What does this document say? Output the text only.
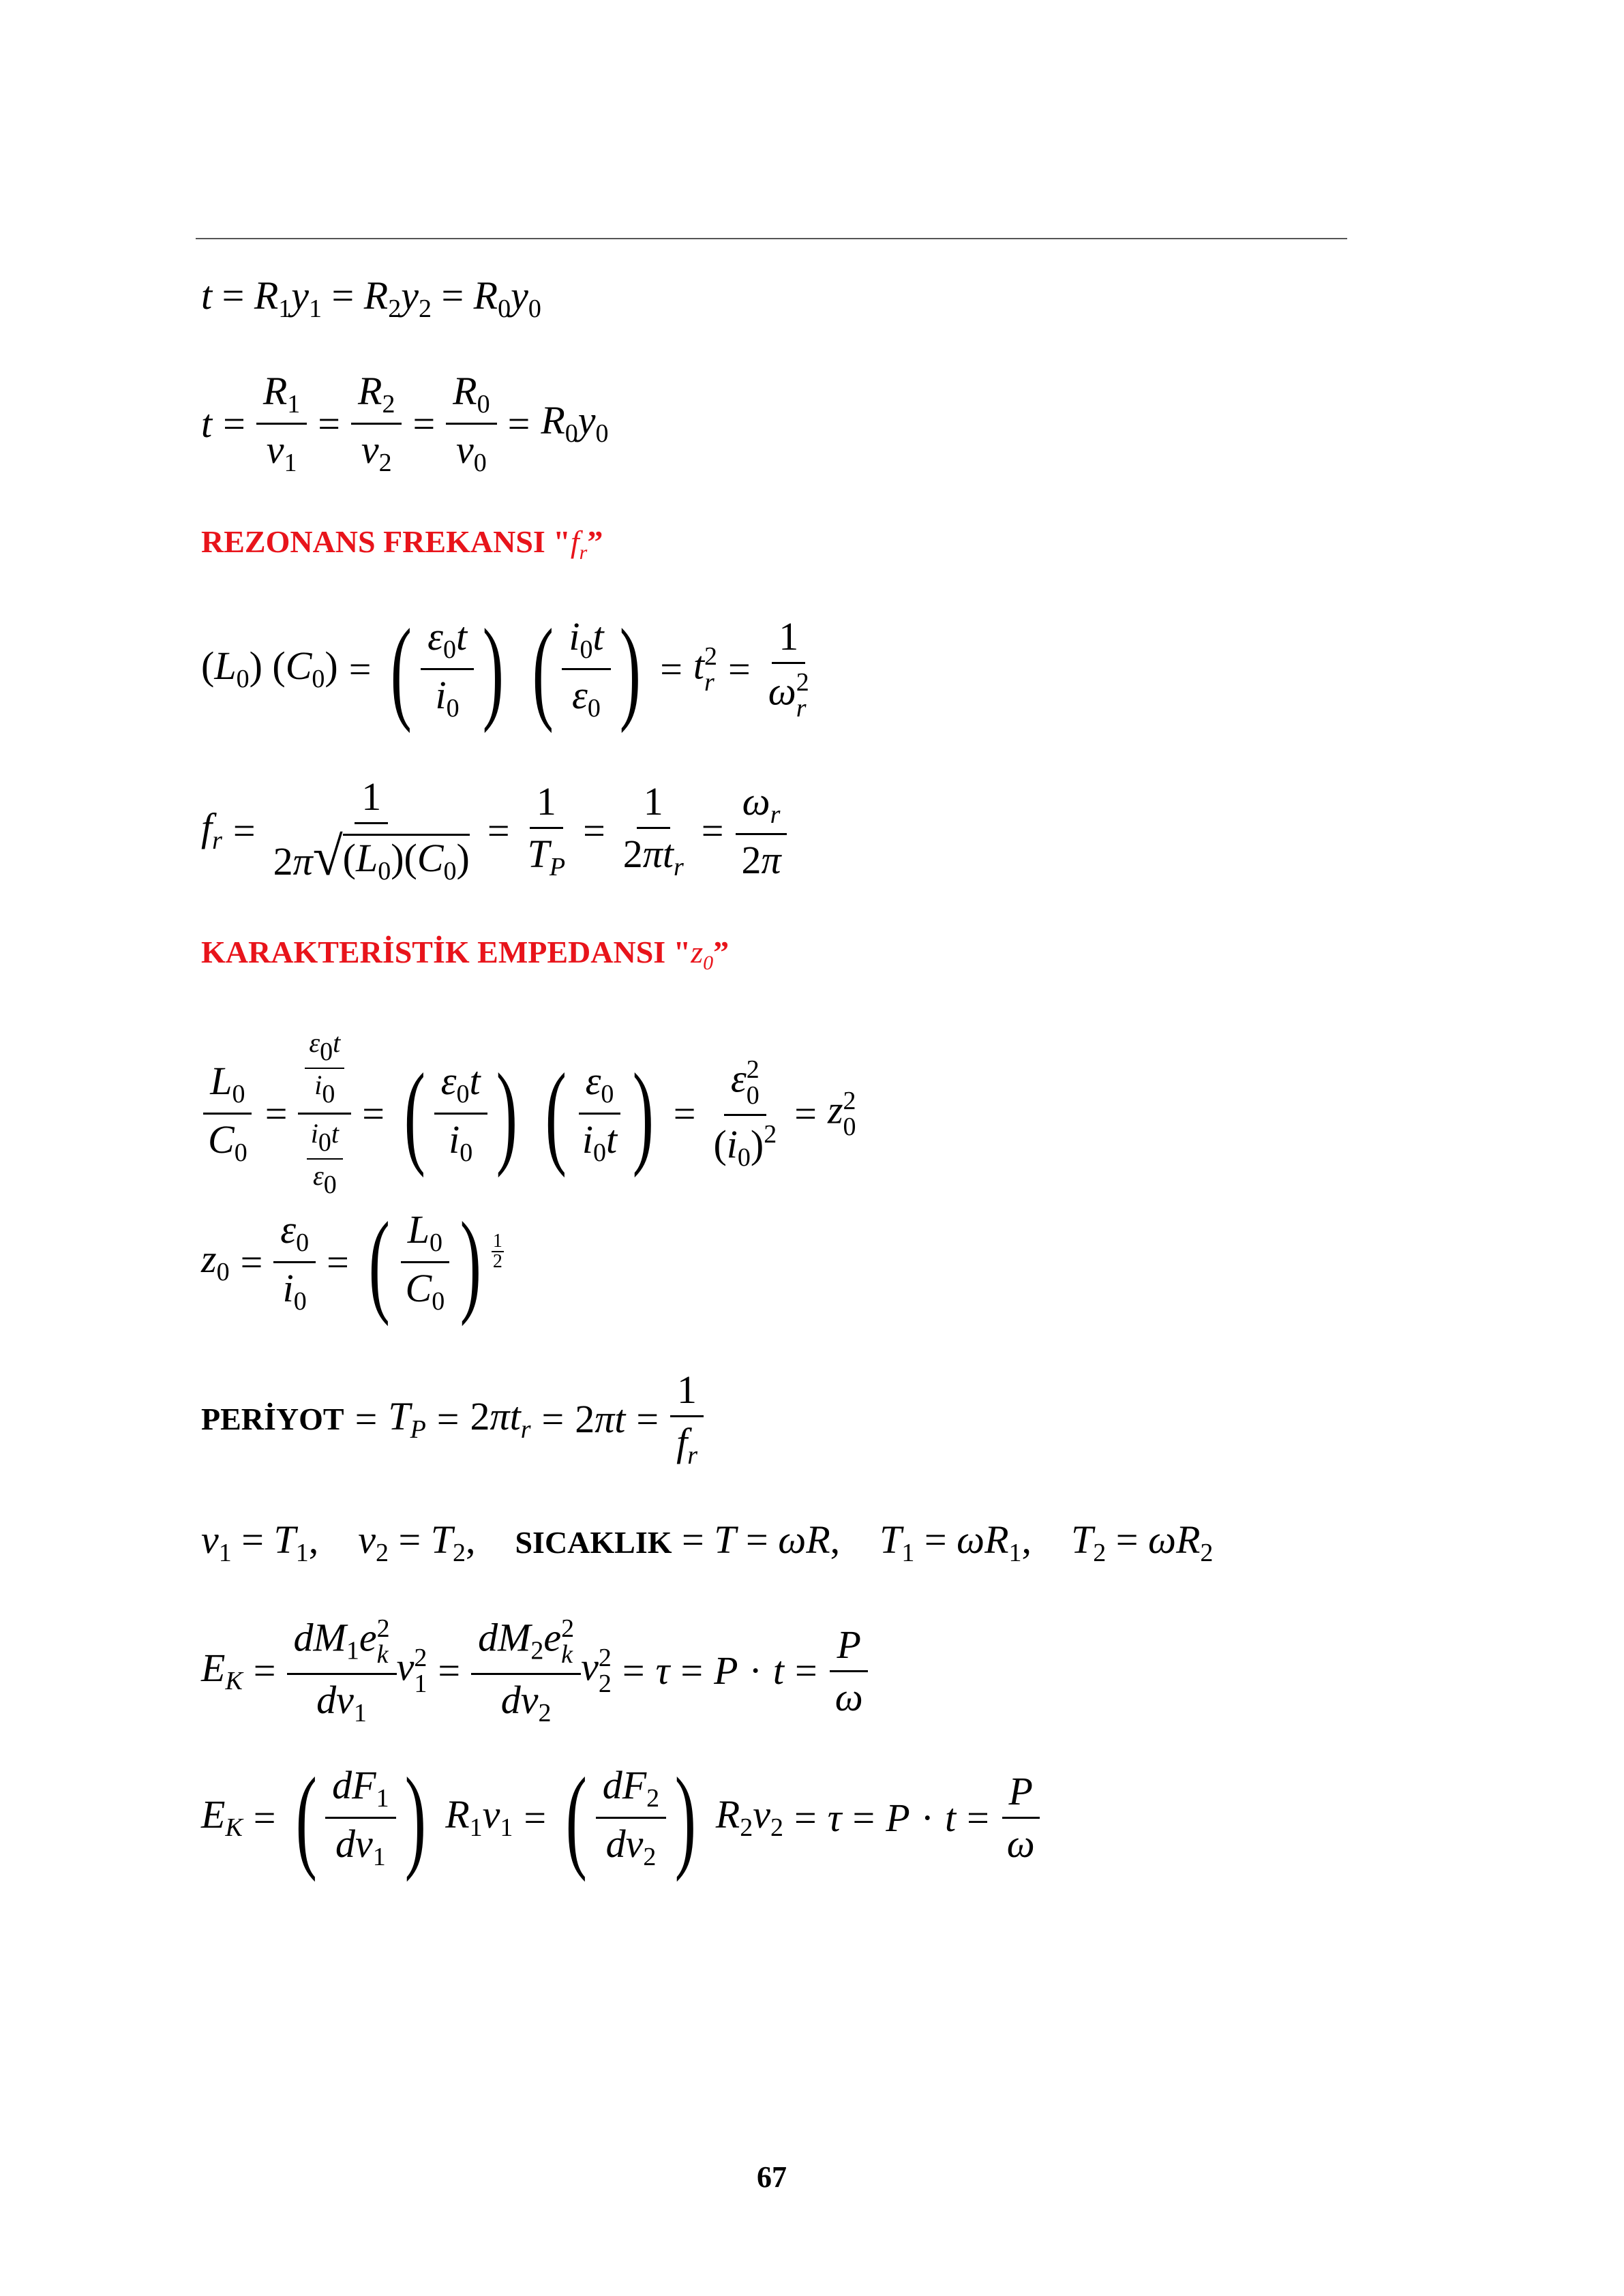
$t = R_1y_1 = R_2y_2 = R_0y_0$
$t = \frac{R_1}{v_1} = \frac{R_2}{v_2} = \frac{R_0}{v_0} = R_0y_0$
REZONANS FREKANSI "$f_r$”
$(L_0) (C_0)$ = ( $\frac{\varepsilon_0t}{i_0}$ ) ( $\frac{i_0t}{\varepsilon_0}$ ) = t 2
r = 1
ω 2
r
$f_r = \frac{1}{2\pi √ (L_0)(C_0)} = \frac{1}{T_P} = \frac{1}{2\pi t_r} = \frac{\omega_r}{2\pi}$
KARAKTERİSTİK EMPEDANSI "$z_0$”
$\frac{L_0}{C_0} = \frac{\frac{\varepsilon 0t}{i0}}{\frac{i0t}{\varepsilon 0}}$ = ( $\frac{\varepsilon_0t}{i_0}$ ) ( $\frac{\varepsilon_0}{i_0t}$ ) = ε 2
0
$(i_0)^2 = z$ 2
0
$z_0 = \frac{\varepsilon_0}{i_0}$ = ( $\frac{L_0}{C_0}$ ) $\frac{1}{2}$
PERİYOT = $T_P = 2\pi t_r = 2\pi t = \frac{1}{f_r}$
$v_1 = T_1$,    $v_2 = T_2$,    SICAKLIK = T = ωR,    $T_1 = \omega R_1$,    $T_2 = \omega R_2$
$E_K = dM_1e$ 2
k
$dv_1$ v 2
$1 = dM_2e$ 2
k
$dv_2$ v 2
$2 = \tau = P \cdot t = \frac{P}{\omega}$
$E_K$ = ( $\frac{dF_1}{dv_1}$ ) $R_1v_1$ = ( $\frac{dF_2}{dv_2}$ ) $R_2v_2 = \tau = P \cdot t = \frac{P}{\omega}$
67
